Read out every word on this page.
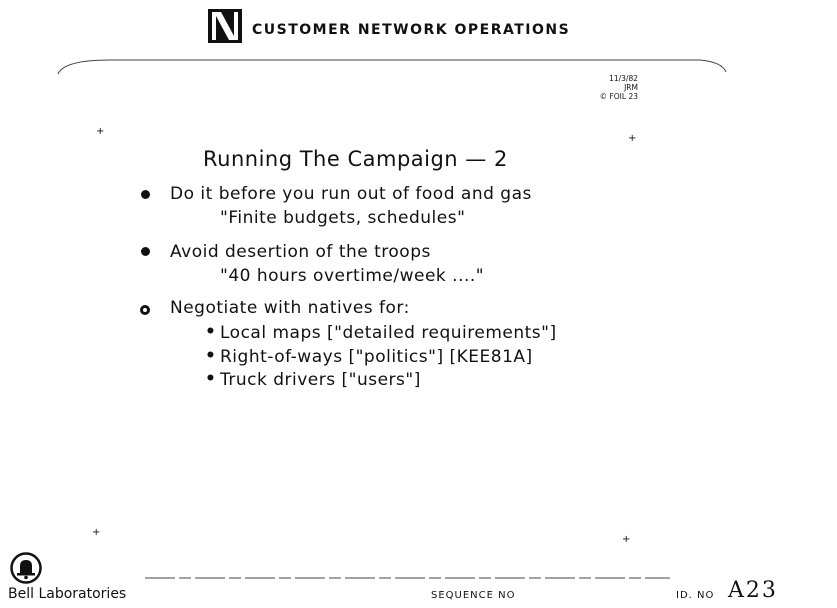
CUSTOMER NETWORK OPERATIONS
11/3/82
JRM
© FOIL 23
+
+
+
+
Running The Campaign — 2
Do it before you run out of food and gas
"Finite budgets, schedules"
Avoid desertion of the troops
"40 hours overtime/week ...."
Negotiate with natives for:
• Local maps ["detailed requirements"]
• Right-of-ways ["politics"] [KEE81A]
• Truck drivers ["users"]
Bell Laboratories	SEQUENCE NO	ID. NO A23
